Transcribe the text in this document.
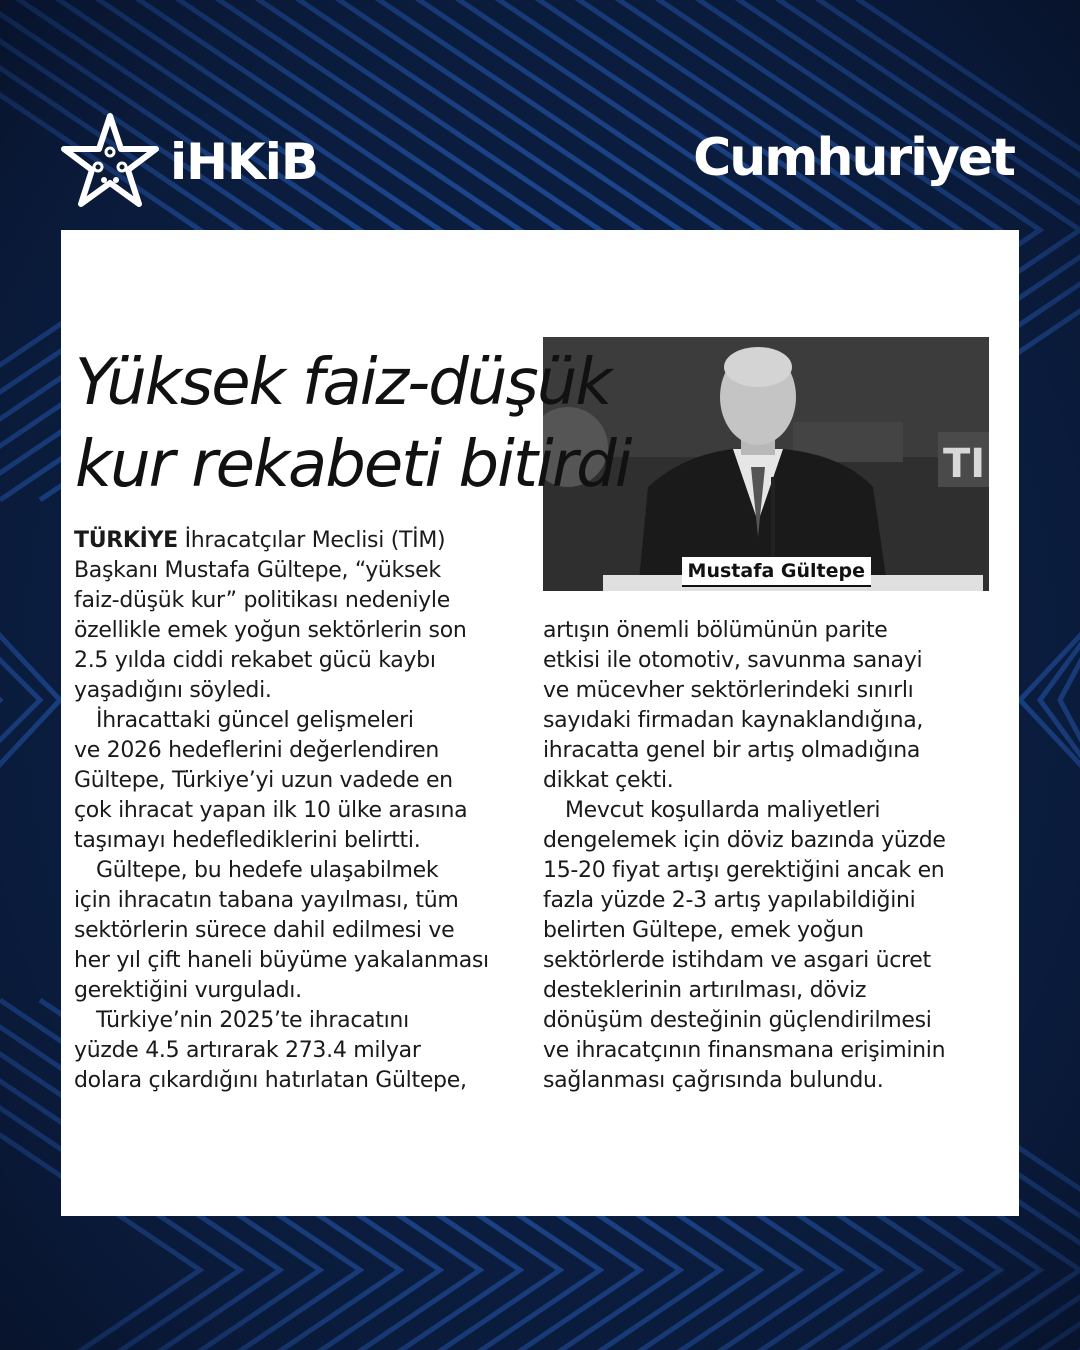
iHKiB	Cumhuriyet
Yüksek faiz-düşük
kur rekabeti bitirdi	TI
Mustafa Gültepe
TÜRKİYE İhracatçılar Meclisi (TİM)
Başkanı Mustafa Gültepe, “yüksek
faiz-düşük kur” politikası nedeniyle
özellikle emek yoğun sektörlerin son
2.5 yılda ciddi rekabet gücü kaybı
yaşadığını söyledi.
İhracattaki güncel gelişmeleri
ve 2026 hedeflerini değerlendiren
Gültepe, Türkiye’yi uzun vadede en
çok ihracat yapan ilk 10 ülke arasına
taşımayı hedeflediklerini belirtti.
Gültepe, bu hedefe ulaşabilmek
için ihracatın tabana yayılması, tüm
sektörlerin sürece dahil edilmesi ve
her yıl çift haneli büyüme yakalanması
gerektiğini vurguladı.
Türkiye’nin 2025’te ihracatını
yüzde 4.5 artırarak 273.4 milyar
dolara çıkardığını hatırlatan Gültepe,
artışın önemli bölümünün parite
etkisi ile otomotiv, savunma sanayi
ve mücevher sektörlerindeki sınırlı
sayıdaki firmadan kaynaklandığına,
ihracatta genel bir artış olmadığına
dikkat çekti.
Mevcut koşullarda maliyetleri
dengelemek için döviz bazında yüzde
15-20 fiyat artışı gerektiğini ancak en
fazla yüzde 2-3 artış yapılabildiğini
belirten Gültepe, emek yoğun
sektörlerde istihdam ve asgari ücret
desteklerinin artırılması, döviz
dönüşüm desteğinin güçlendirilmesi
ve ihracatçının finansmana erişiminin
sağlanması çağrısında bulundu.
